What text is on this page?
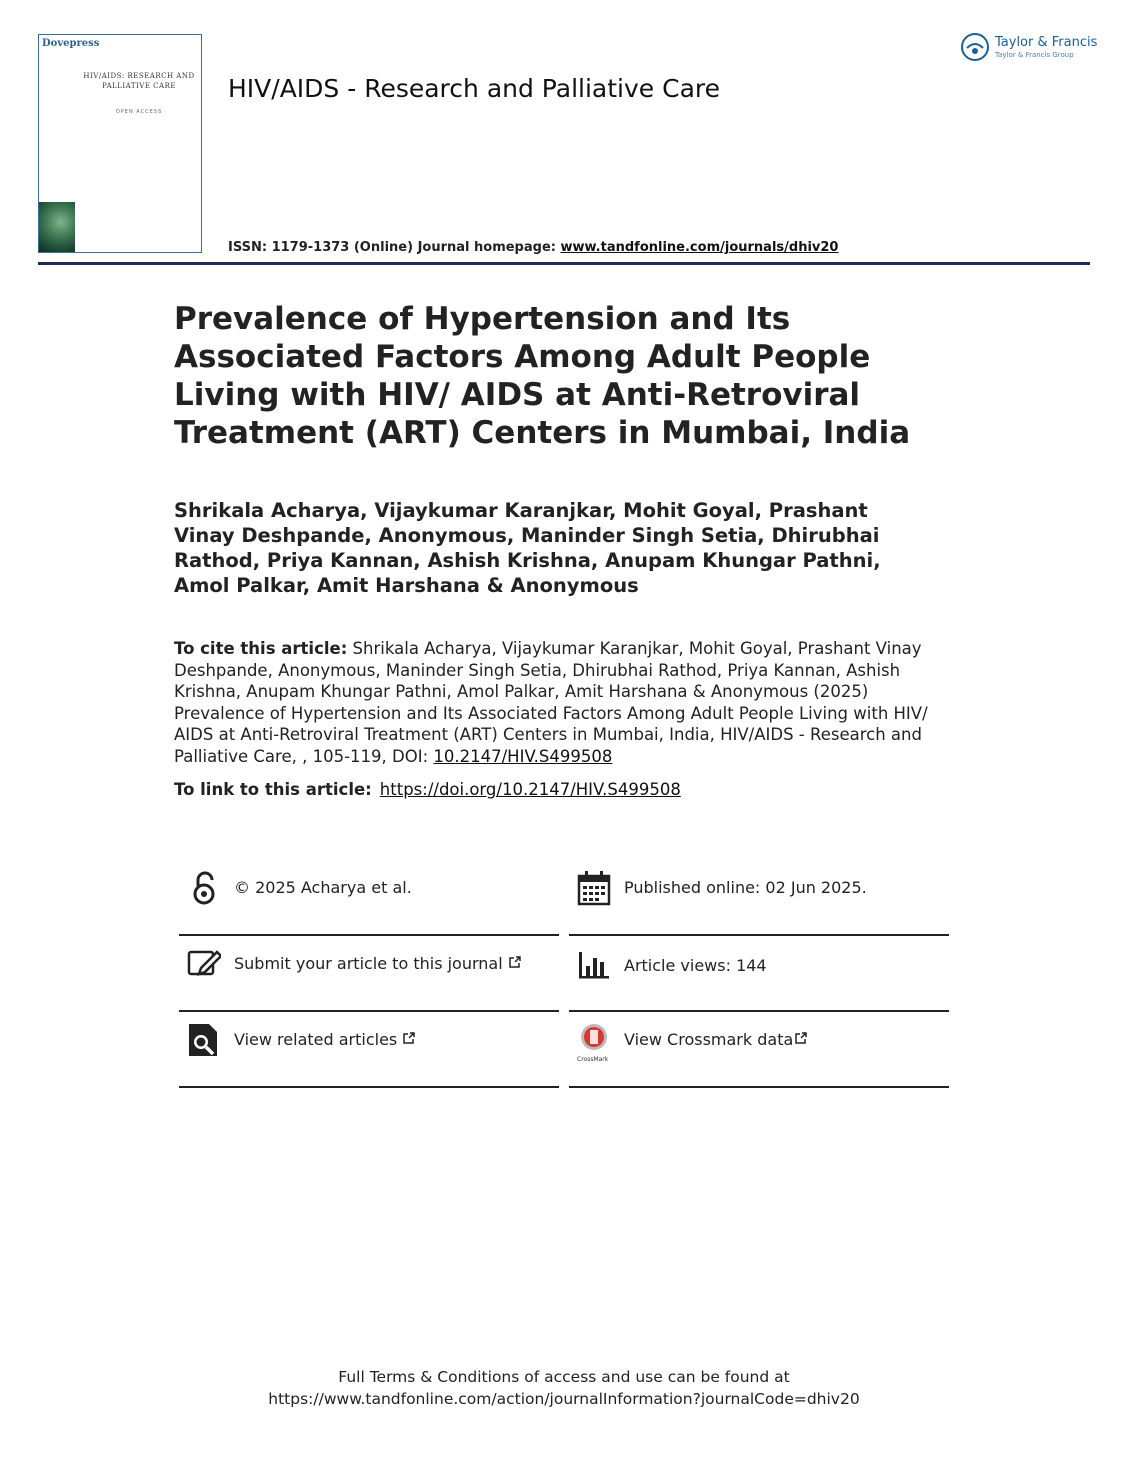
Dovepress
HIV/AIDS: RESEARCH AND PALLIATIVE CARE
OPEN ACCESS
HIV/AIDS - Research and Palliative Care
Taylor & Francis
Taylor & Francis Group
ISSN: 1179-1373 (Online) Journal homepage: www.tandfonline.com/journals/dhiv20
Prevalence of Hypertension and Its Associated Factors Among Adult People Living with HIV/ AIDS at Anti-Retroviral Treatment (ART) Centers in Mumbai, India
Shrikala Acharya, Vijaykumar Karanjkar, Mohit Goyal, Prashant Vinay Deshpande, Anonymous, Maninder Singh Setia, Dhirubhai Rathod, Priya Kannan, Ashish Krishna, Anupam Khungar Pathni, Amol Palkar, Amit Harshana & Anonymous
To cite this article: Shrikala Acharya, Vijaykumar Karanjkar, Mohit Goyal, Prashant Vinay Deshpande, Anonymous, Maninder Singh Setia, Dhirubhai Rathod, Priya Kannan, Ashish Krishna, Anupam Khungar Pathni, Amol Palkar, Amit Harshana & Anonymous (2025) Prevalence of Hypertension and Its Associated Factors Among Adult People Living with HIV/ AIDS at Anti-Retroviral Treatment (ART) Centers in Mumbai, India, HIV/AIDS - Research and Palliative Care, , 105-119, DOI: 10.2147/HIV.S499508
To link to this article: https://doi.org/10.2147/HIV.S499508
© 2025 Acharya et al.	Published online: 02 Jun 2025.
Submit your article to this journal	Article views: 144
View related articles
CrossMark
View Crossmark data
Full Terms & Conditions of access and use can be found at
https://www.tandfonline.com/action/journalInformation?journalCode=dhiv20
